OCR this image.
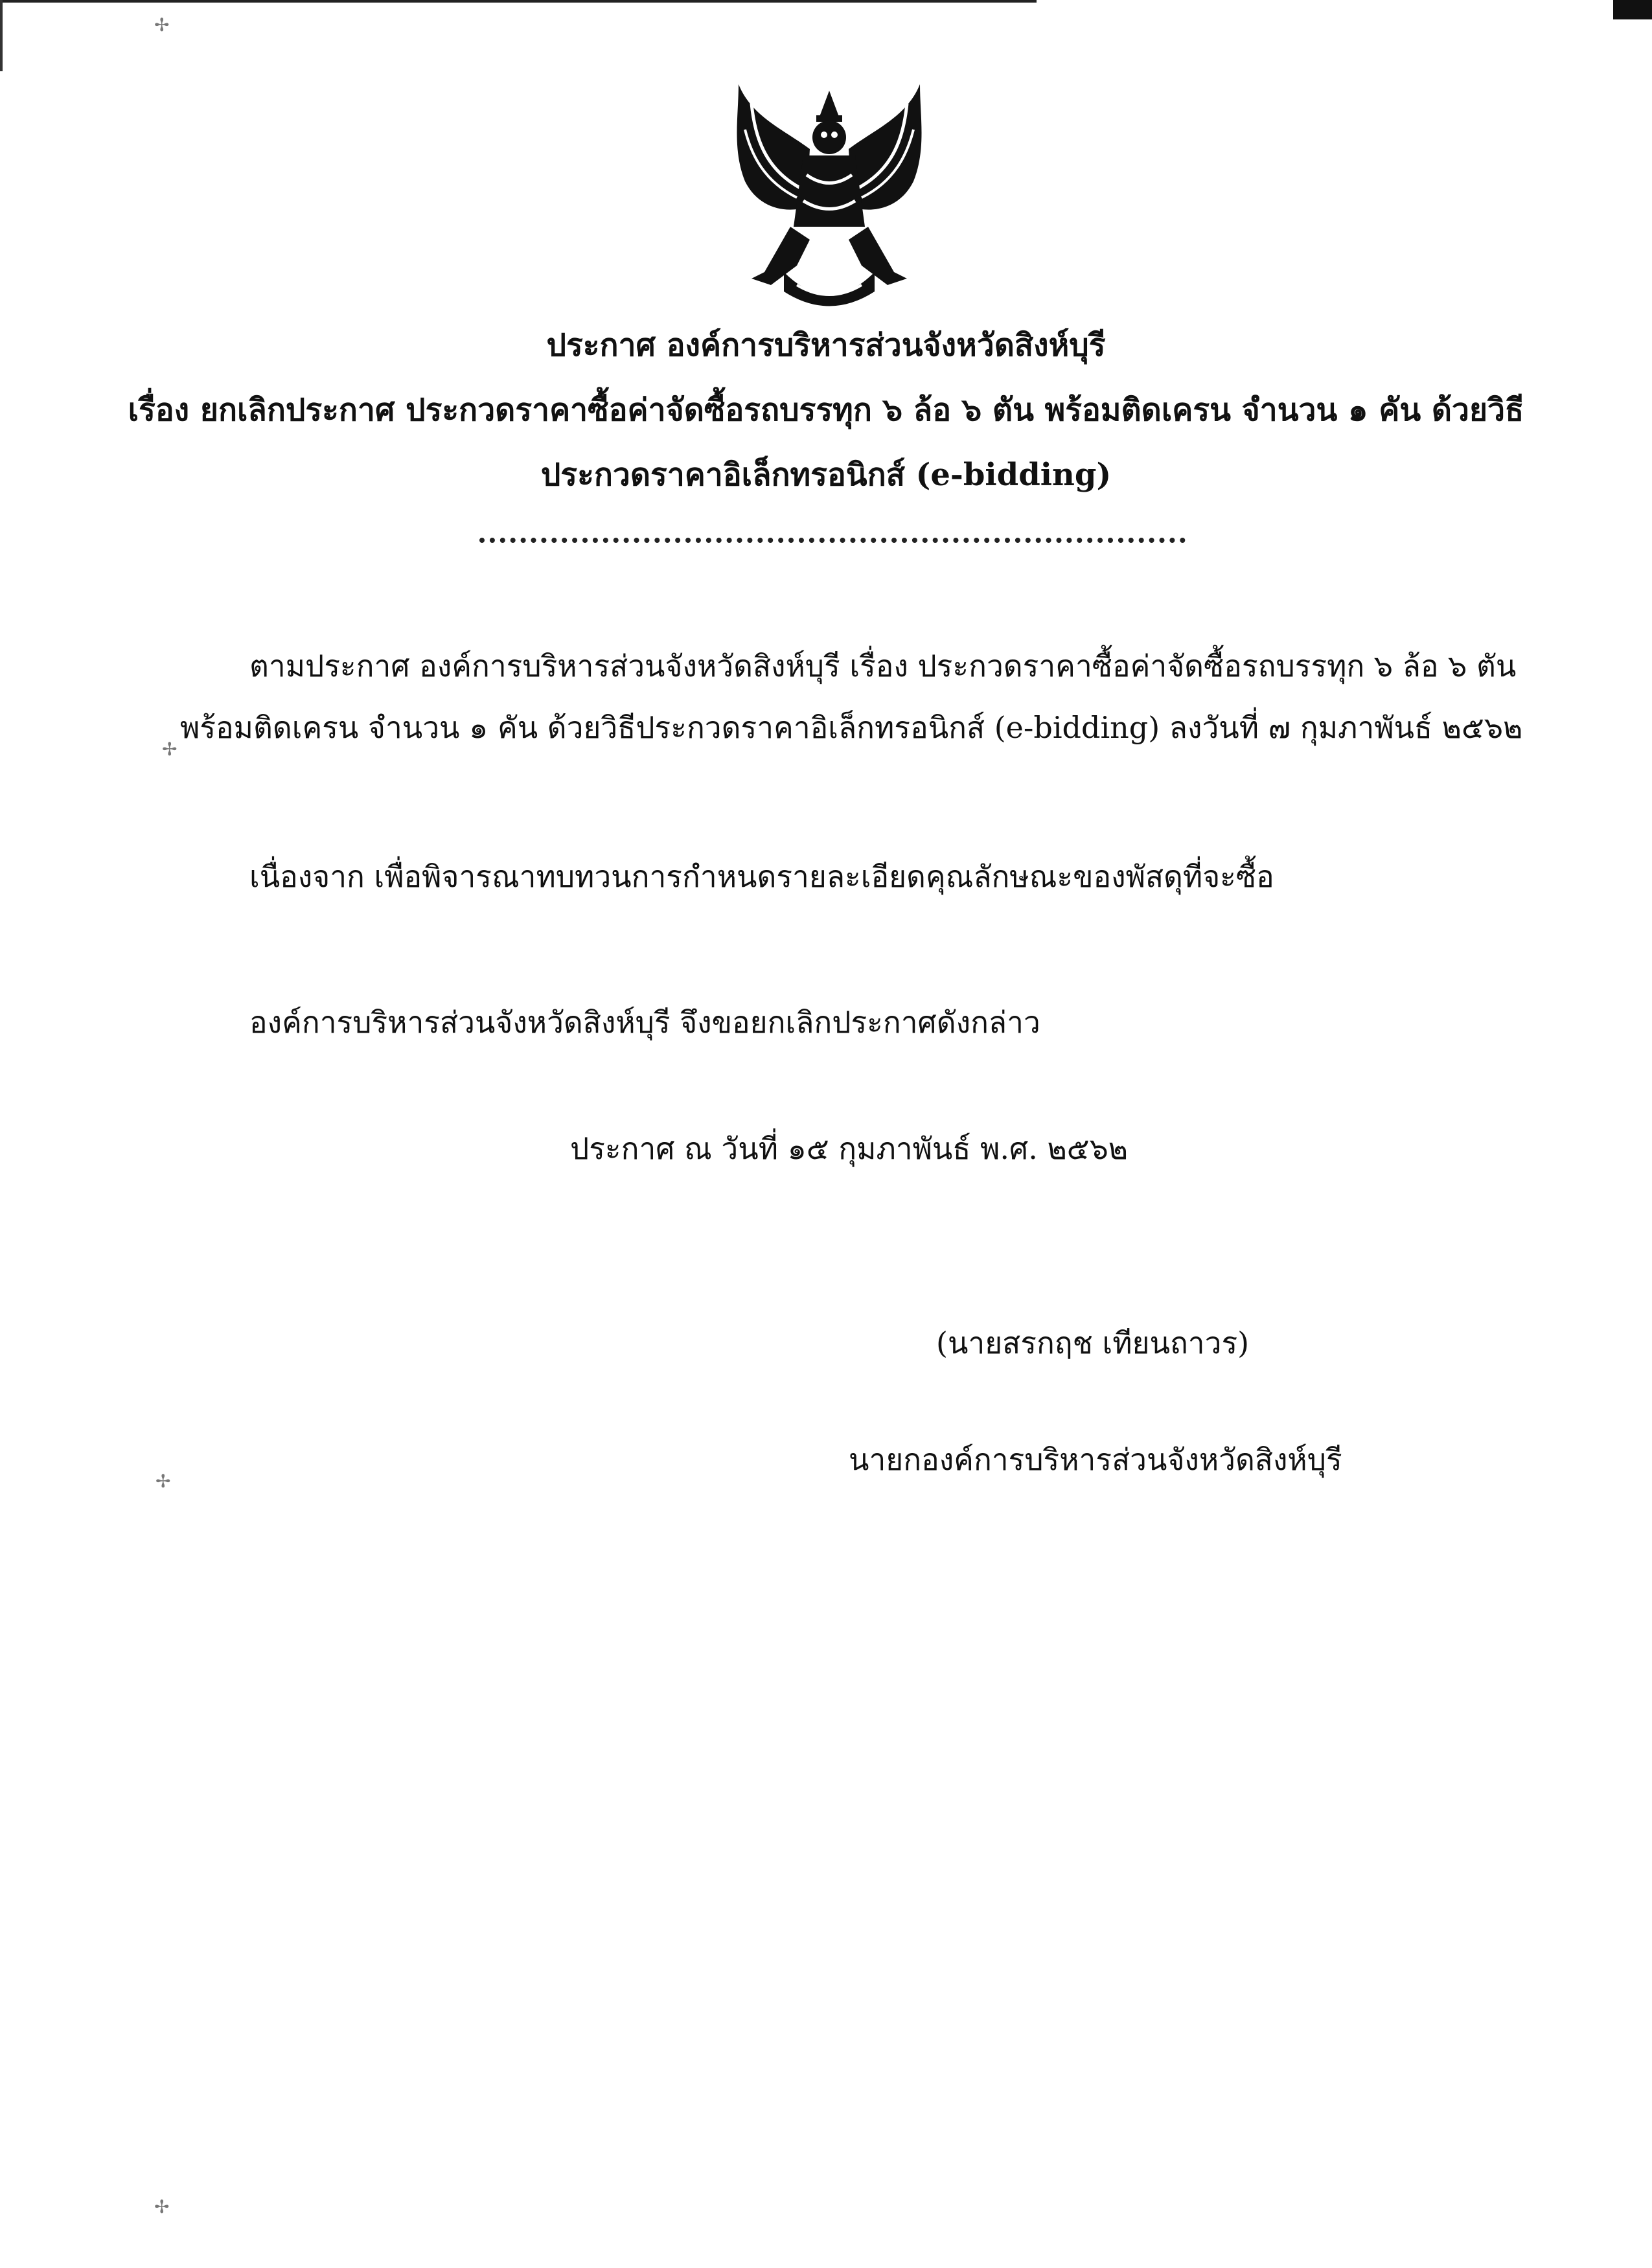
✢
✢
✢
✢
ประกาศ องค์การบริหารส่วนจังหวัดสิงห์บุรี
เรื่อง ยกเลิกประกาศ ประกวดราคาซื้อค่าจัดซื้อรถบรรทุก ๖ ล้อ ๖ ตัน พร้อมติดเครน จำนวน ๑ คัน ด้วยวิธี
ประกวดราคาอิเล็กทรอนิกส์ (e-bidding)
ตามประกาศ องค์การบริหารส่วนจังหวัดสิงห์บุรี เรื่อง ประกวดราคาซื้อค่าจัดซื้อรถบรรทุก ๖ ล้อ ๖ ตัน
พร้อมติดเครน จำนวน ๑ คัน ด้วยวิธีประกวดราคาอิเล็กทรอนิกส์ (e-bidding) ลงวันที่ ๗ กุมภาพันธ์ ๒๕๖๒
เนื่องจาก เพื่อพิจารณาทบทวนการกำหนดรายละเอียดคุณลักษณะของพัสดุที่จะซื้อ
องค์การบริหารส่วนจังหวัดสิงห์บุรี จึงขอยกเลิกประกาศดังกล่าว
ประกาศ ณ วันที่ ๑๕ กุมภาพันธ์ พ.ศ. ๒๕๖๒
(นายสรกฤช เทียนถาวร)
นายกองค์การบริหารส่วนจังหวัดสิงห์บุรี
